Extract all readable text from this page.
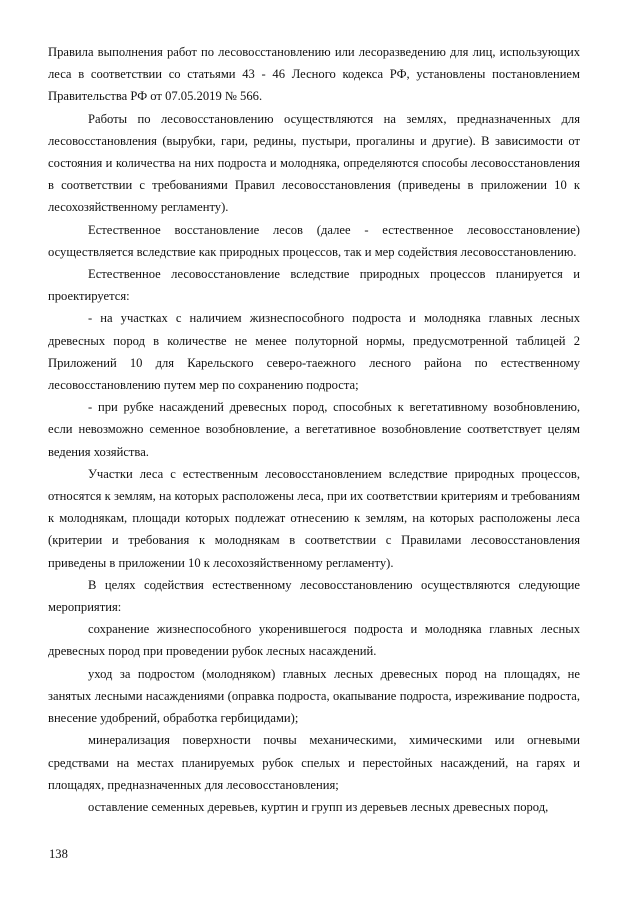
Правила выполнения работ по лесовосстановлению или лесоразведению для лиц, использующих леса в соответствии со статьями 43 - 46 Лесного кодекса РФ, установлены постановлением Правительства РФ от 07.05.2019 № 566.

Работы по лесовосстановлению осуществляются на землях, предназначенных для лесовосстановления (вырубки, гари, редины, пустыри, прогалины и другие). В зависимости от состояния и количества на них подроста и молодняка, определяются способы лесовосстановления в соответствии с требованиями Правил лесовосстановления (приведены в приложении 10 к лесохозяйственному регламенту).

Естественное восстановление лесов (далее - естественное лесовосстановление) осуществляется вследствие как природных процессов, так и мер содействия лесовосстановлению.

Естественное лесовосстановление вследствие природных процессов планируется и проектируется:

- на участках с наличием жизнеспособного подроста и молодняка главных лесных древесных пород в количестве не менее полуторной нормы, предусмотренной таблицей 2 Приложений 10 для Карельского северо-таежного лесного района по естественному лесовосстановлению путем мер по сохранению подроста;

- при рубке насаждений древесных пород, способных к вегетативному возобновлению, если невозможно семенное возобновление, а вегетативное возобновление соответствует целям ведения хозяйства.

Участки леса с естественным лесовосстановлением вследствие природных процессов, относятся к землям, на которых расположены леса, при их соответствии критериям и требованиям к молоднякам, площади которых подлежат отнесению к землям, на которых расположены леса (критерии и требования к молоднякам в соответствии с Правилами лесовосстановления приведены в приложении 10 к лесохозяйственному регламенту).

В целях содействия естественному лесовосстановлению осуществляются следующие мероприятия:

сохранение жизнеспособного укоренившегося подроста и молодняка главных лесных древесных пород при проведении рубок лесных насаждений.

уход за подростом (молодняком) главных лесных древесных пород на площадях, не занятых лесными насаждениями (оправка подроста, окапывание подроста, изреживание подроста, внесение удобрений, обработка гербицидами);

минерализация поверхности почвы механическими, химическими или огневыми средствами на местах планируемых рубок спелых и перестойных насаждений, на гарях и площадях, предназначенных для лесовосстановления;

оставление семенных деревьев, куртин и групп из деревьев лесных древесных пород,

138
